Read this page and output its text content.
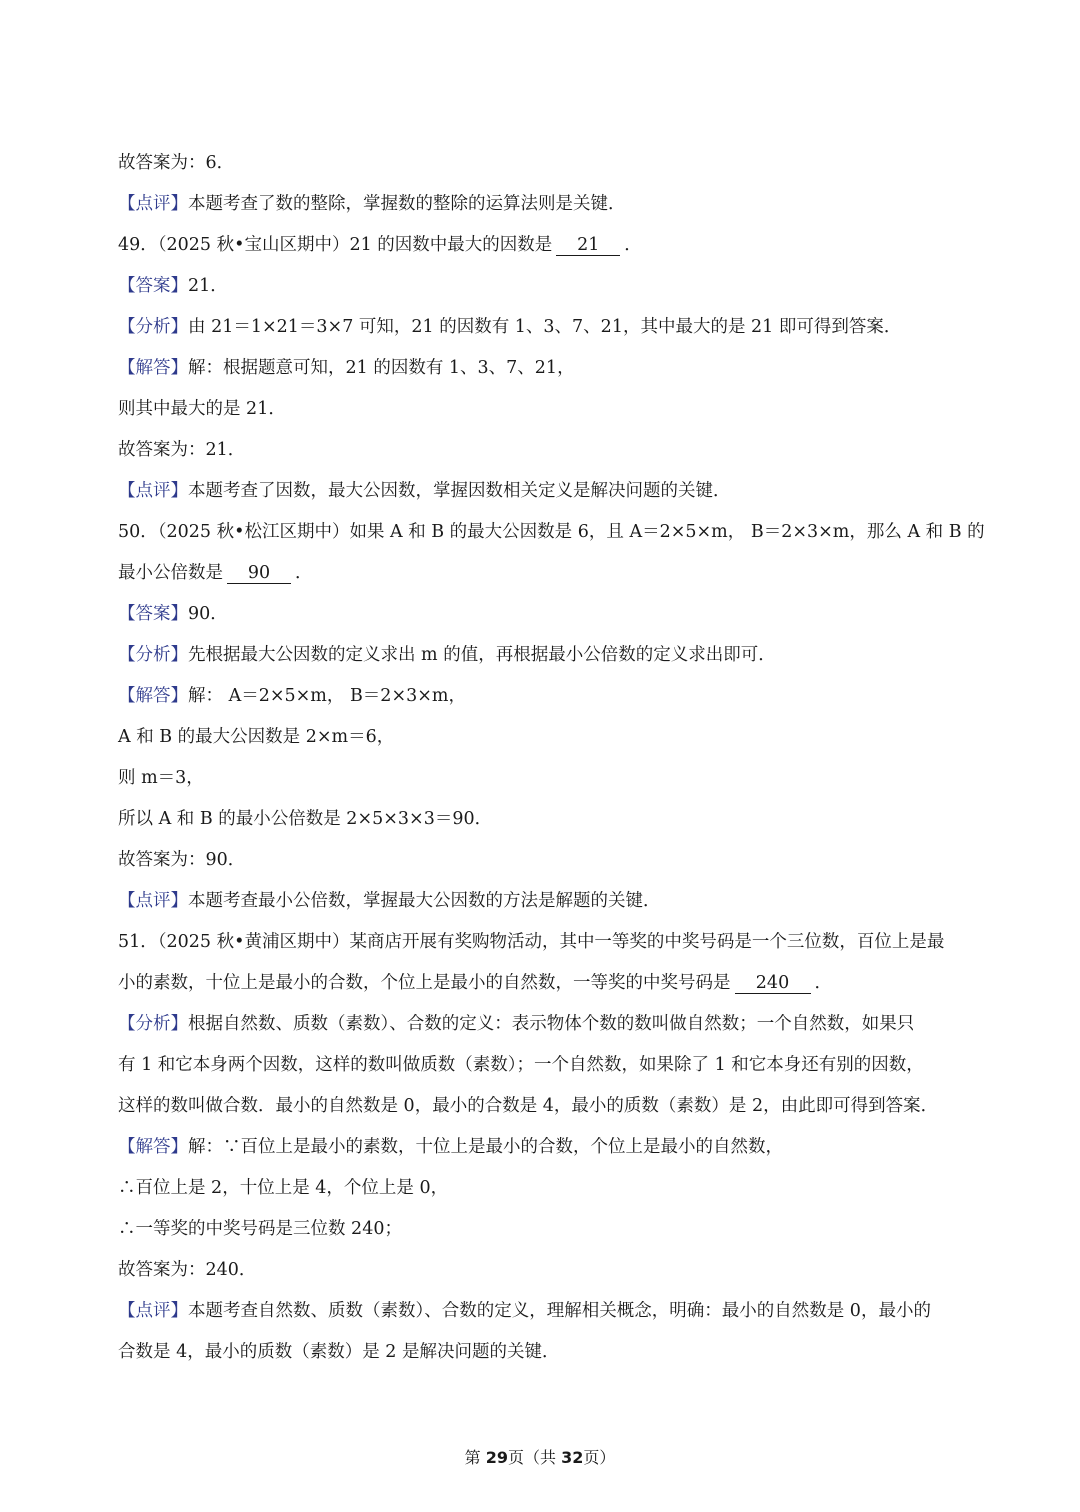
故答案为：6．
【点评】本题考查了数的整除，掌握数的整除的运算法则是关键．
49．（2025 秋•宝山区期中）21 的因数中最大的因数是 21 ．
【答案】21．
【分析】由 21＝1×21＝3×7 可知，21 的因数有 1、3、7、21，其中最大的是 21 即可得到答案．
【解答】解：根据题意可知，21 的因数有 1、3、7、21，
则其中最大的是 21．
故答案为：21．
【点评】本题考查了因数，最大公因数，掌握因数相关定义是解决问题的关键．
50．（2025 秋•松江区期中）如果 A 和 B 的最大公因数是 6，且 A＝2×5×m， B＝2×3×m，那么 A 和 B 的
最小公倍数是 90 ．
【答案】90．
【分析】先根据最大公因数的定义求出 m 的值，再根据最小公倍数的定义求出即可．
【解答】解： A＝2×5×m， B＝2×3×m，
A 和 B 的最大公因数是 2×m＝6，
则 m＝3，
所以 A 和 B 的最小公倍数是 2×5×3×3＝90．
故答案为：90．
【点评】本题考查最小公倍数，掌握最大公因数的方法是解题的关键．
51．（2025 秋•黄浦区期中）某商店开展有奖购物活动，其中一等奖的中奖号码是一个三位数，百位上是最
小的素数，十位上是最小的合数，个位上是最小的自然数，一等奖的中奖号码是 240 ．
【分析】根据自然数、质数（素数）、合数的定义：表示物体个数的数叫做自然数；一个自然数，如果只
有 1 和它本身两个因数，这样的数叫做质数（素数）；一个自然数，如果除了 1 和它本身还有别的因数，
这样的数叫做合数．最小的自然数是 0，最小的合数是 4，最小的质数（素数）是 2，由此即可得到答案．
【解答】解：∵百位上是最小的素数，十位上是最小的合数，个位上是最小的自然数，
∴百位上是 2，十位上是 4，个位上是 0，
∴一等奖的中奖号码是三位数 240；
故答案为：240．
【点评】本题考查自然数、质数（素数）、合数的定义，理解相关概念，明确：最小的自然数是 0，最小的
合数是 4，最小的质数（素数）是 2 是解决问题的关键．
第 29页（共 32页）
